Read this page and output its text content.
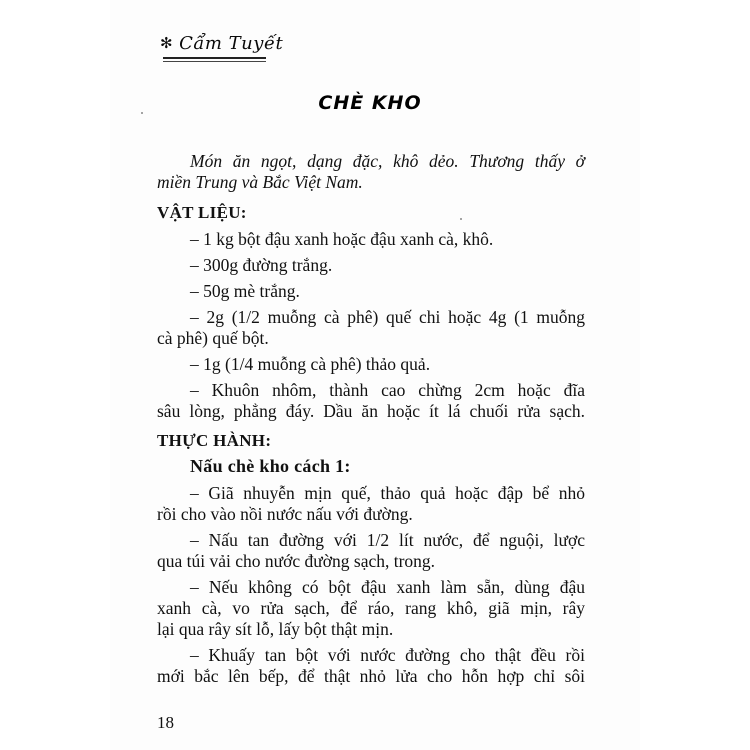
✻ Cẩm Tuyết
CHÈ KHO
Món ăn ngọt, dạng đặc, khô dẻo. Thương thấy ở
miền Trung và Bắc Việt Nam.
VẬT LIỆU:
– 1 kg bột đậu xanh hoặc đậu xanh cà, khô.
– 300g đường trắng.
– 50g mè trắng.
– 2g (1/2 muỗng cà phê) quế chi hoặc 4g (1 muỗng
cà phê) quế bột.
– 1g (1/4 muỗng cà phê) thảo quả.
– Khuôn nhôm, thành cao chừng 2cm hoặc đĩa
sâu lòng, phẳng đáy. Dầu ăn hoặc ít lá chuối rửa sạch.
THỰC HÀNH:
Nấu chè kho cách 1:
– Giã nhuyễn mịn quế, thảo quả hoặc đập bể nhỏ
rồi cho vào nồi nước nấu với đường.
– Nấu tan đường với 1/2 lít nước, để nguội, lược
qua túi vải cho nước đường sạch, trong.
– Nếu không có bột đậu xanh làm sẵn, dùng đậu
xanh cà, vo rửa sạch, để ráo, rang khô, giã mịn, rây
lại qua rây sít lỗ, lấy bột thật mịn.
– Khuấy tan bột với nước đường cho thật đều rồi
mới bắc lên bếp, để thật nhỏ lửa cho hỗn hợp chỉ sôi
18
